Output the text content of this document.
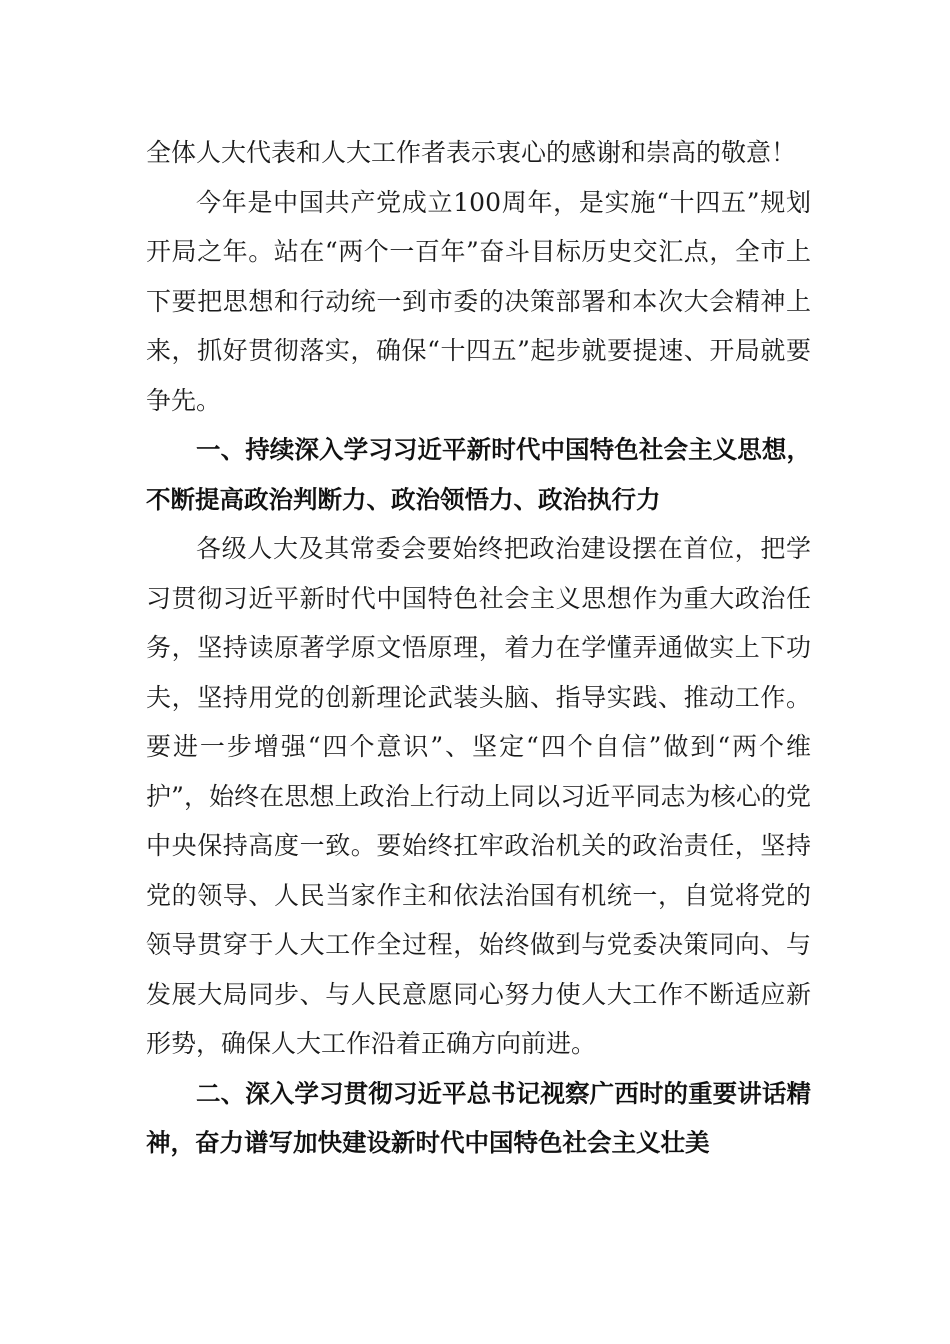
全体人大代表和人大工作者表示衷心的感谢和崇高的敬意！

今年是中国共产党成立100周年，是实施“十四五”规划开局之年。站在“两个一百年”奋斗目标历史交汇点，全市上下要把思想和行动统一到市委的决策部署和本次大会精神上来，抓好贯彻落实，确保“十四五”起步就要提速、开局就要争先。

一、持续深入学习习近平新时代中国特色社会主义思想，不断提高政治判断力、政治领悟力、政治执行力

各级人大及其常委会要始终把政治建设摆在首位，把学习贯彻习近平新时代中国特色社会主义思想作为重大政治任务，坚持读原著学原文悟原理，着力在学懂弄通做实上下功夫，坚持用党的创新理论武装头脑、指导实践、推动工作。要进一步增强“四个意识”、坚定“四个自信”做到“两个维护”，始终在思想上政治上行动上同以习近平同志为核心的党中央保持高度一致。要始终扛牢政治机关的政治责任，坚持党的领导、人民当家作主和依法治国有机统一，自觉将党的领导贯穿于人大工作全过程，始终做到与党委决策同向、与发展大局同步、与人民意愿同心努力使人大工作不断适应新形势，确保人大工作沿着正确方向前进。

二、深入学习贯彻习近平总书记视察广西时的重要讲话精神，奋力谱写加快建设新时代中国特色社会主义壮美
